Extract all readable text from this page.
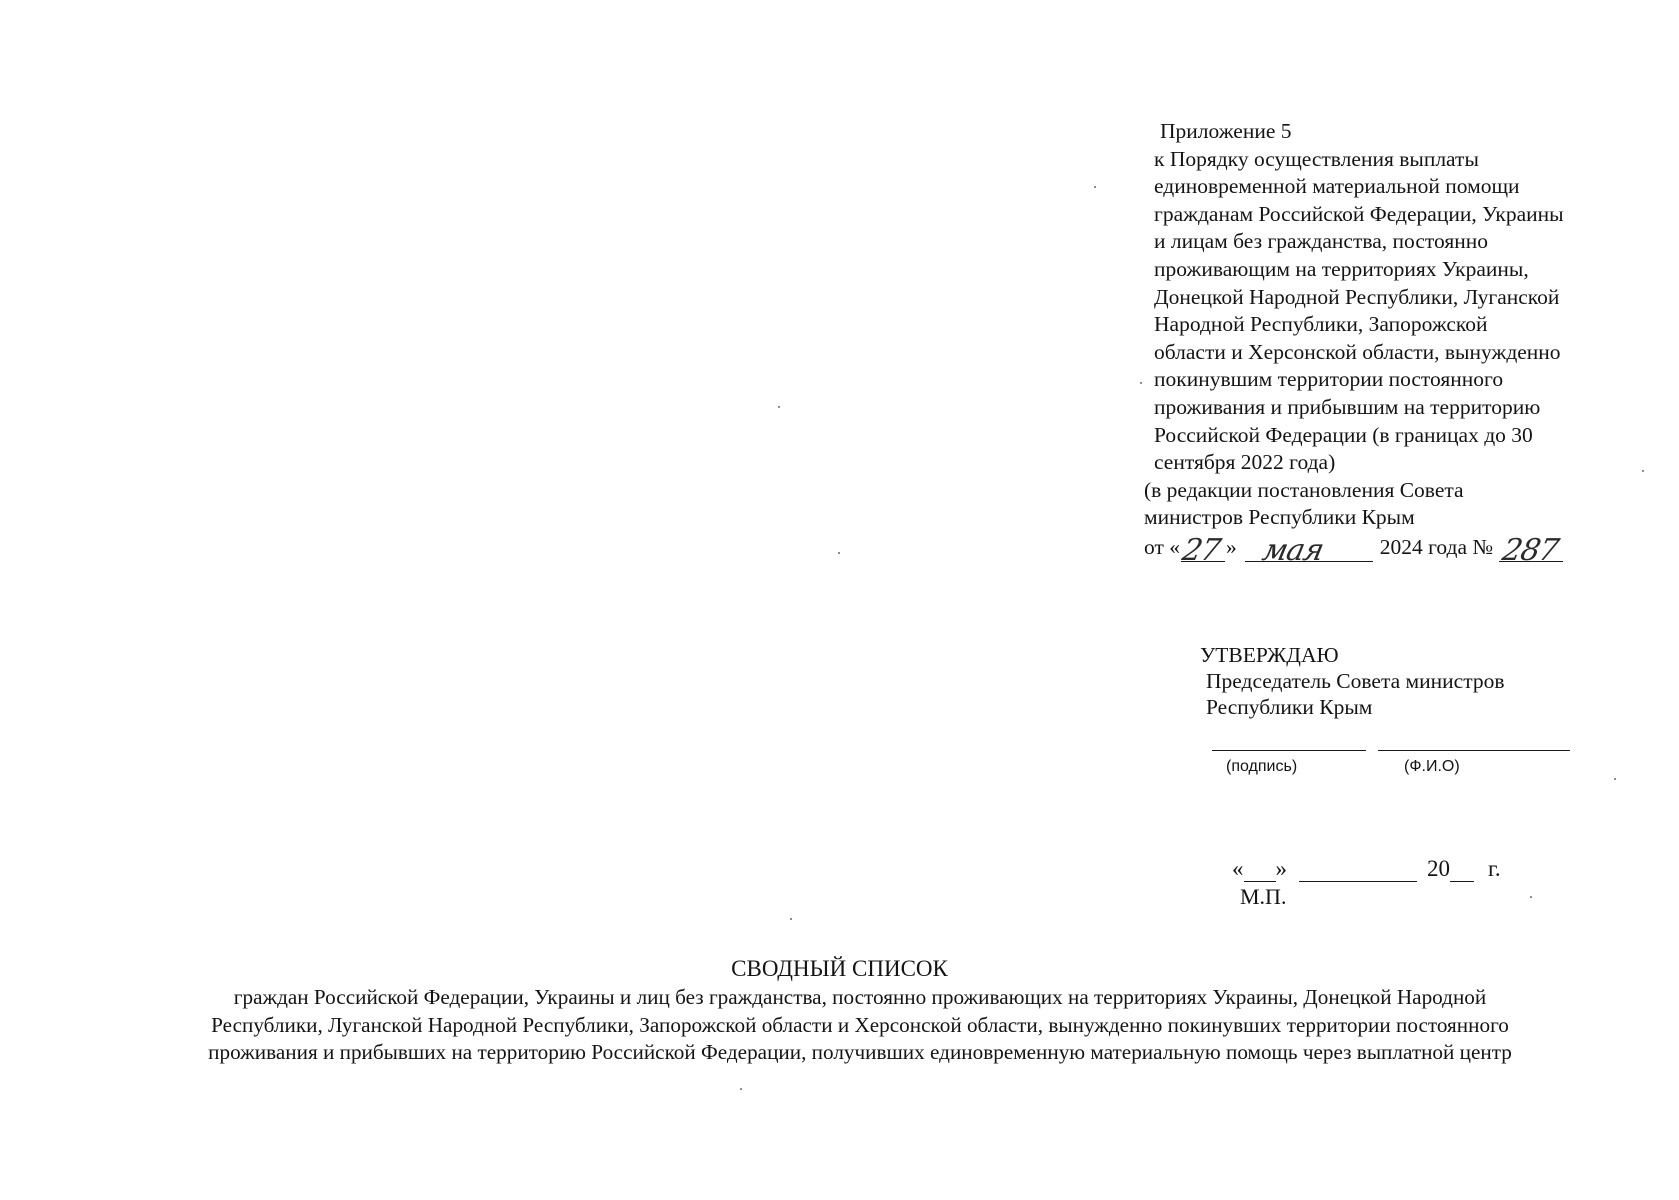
Приложение 5
к Порядку осуществления выплаты
единовременной материальной помощи
гражданам Российской Федерации, Украины
и лицам без гражданства, постоянно
проживающим на территориях Украины,
Донецкой Народной Республики, Луганской
Народной Республики, Запорожской
области и Херсонской области, вынужденно
покинувшим территории постоянного
проживания и прибывшим на территорию
Российской Федерации (в границах до 30
сентября 2022 года)
(в редакции постановления Совета
министров Республики Крым
от « 27 » мая 2024 года № 287
УТВЕРЖДАЮ
Председатель Совета министров
Республики Крым
(подпись)	(Ф.И.О)
« »	20 г.
М.П.
СВОДНЫЙ СПИСОК
граждан Российской Федерации, Украины и лиц без гражданства, постоянно проживающих на территориях Украины, Донецкой Народной
Республики, Луганской Народной Республики, Запорожской области и Херсонской области, вынужденно покинувших территории постоянного
проживания и прибывших на территорию Российской Федерации, получивших единовременную материальную помощь через выплатной центр
